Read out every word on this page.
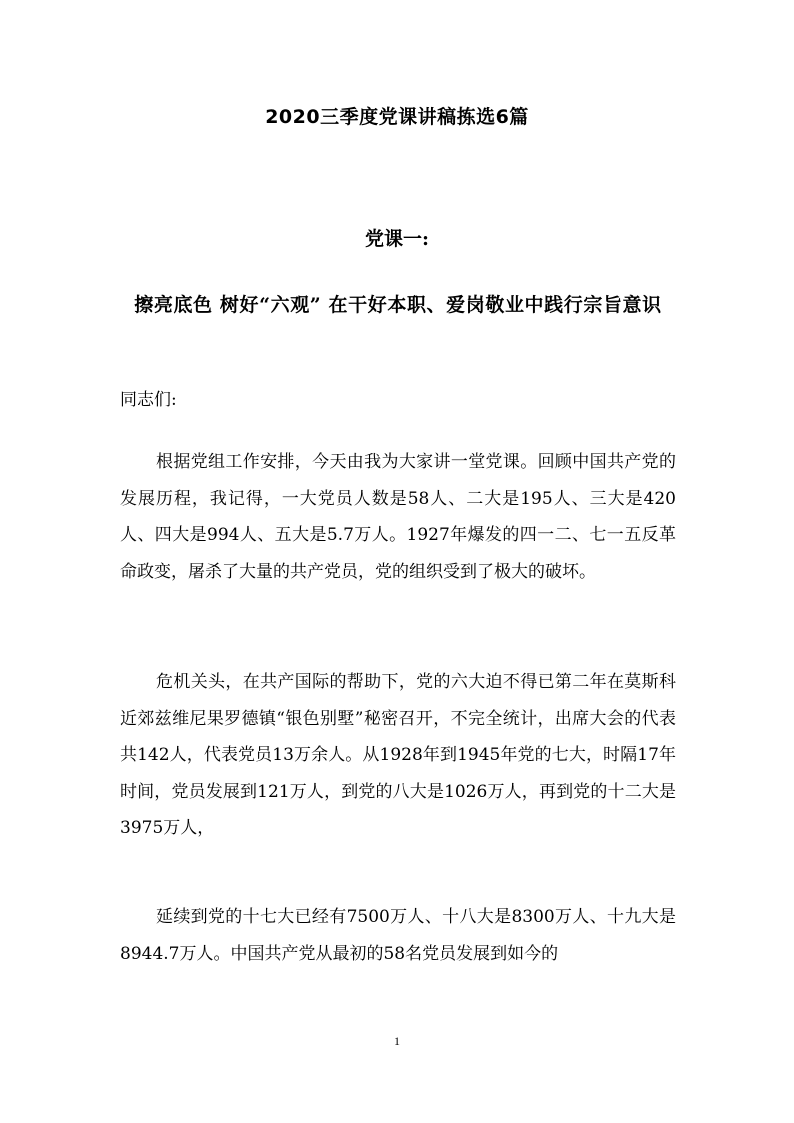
2020三季度党课讲稿拣选6篇
党课一:
擦亮底色 树好“六观” 在干好本职、爱岗敬业中践行宗旨意识
同志们:

根据党组工作安排，今天由我为大家讲一堂党课。回顾中国共产党的发展历程，我记得，一大党员人数是58人、二大是195人、三大是420人、四大是994人、五大是5.7万人。1927年爆发的四一二、七一五反革命政变，屠杀了大量的共产党员，党的组织受到了极大的破坏。

危机关头，在共产国际的帮助下，党的六大迫不得已第二年在莫斯科近郊兹维尼果罗德镇“银色别墅”秘密召开，不完全统计，出席大会的代表共142人，代表党员13万余人。从1928年到1945年党的七大，时隔17年时间，党员发展到121万人，到党的八大是1026万人，再到党的十二大是3975万人，

延续到党的十七大已经有7500万人、十八大是8300万人、十九大是8944.7万人。中国共产党从最初的58名党员发展到如今的

1
